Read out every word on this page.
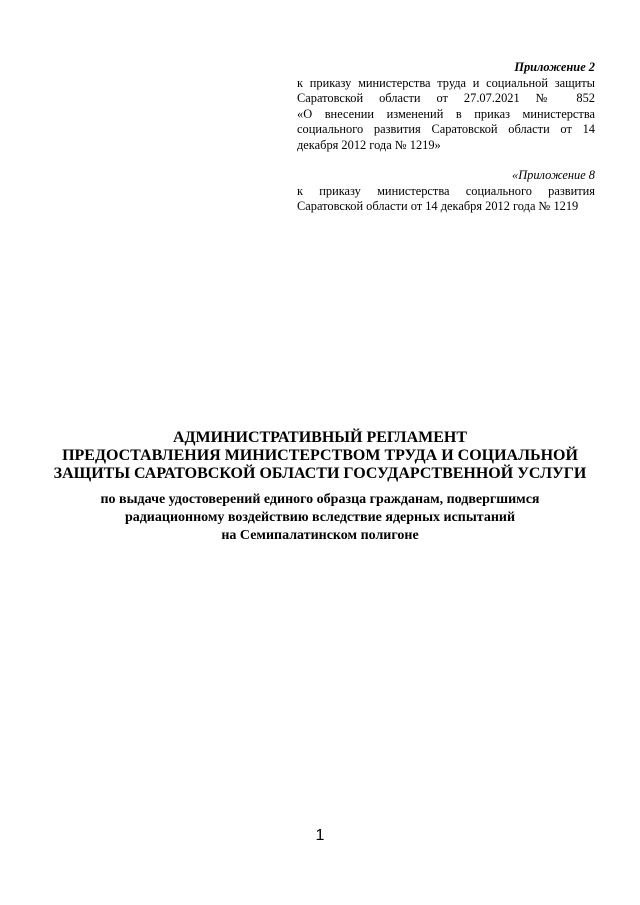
Приложение 2
к приказу министерства труда и социальной защиты
Саратовской области от 27.07.2021 № 852
«О внесении изменений в приказ министерства
социального развития Саратовской области от 14
декабря 2012 года № 1219»
«Приложение 8
к приказу министерства социального развития
Саратовской области от 14 декабря 2012 года № 1219
АДМИНИСТРАТИВНЫЙ РЕГЛАМЕНТ
ПРЕДОСТАВЛЕНИЯ МИНИСТЕРСТВОМ ТРУДА И СОЦИАЛЬНОЙ
ЗАЩИТЫ САРАТОВСКОЙ ОБЛАСТИ ГОСУДАРСТВЕННОЙ УСЛУГИ
по выдаче удостоверений единого образца гражданам, подвергшимся
радиационному воздействию вследствие ядерных испытаний
на Семипалатинском полигоне
1
